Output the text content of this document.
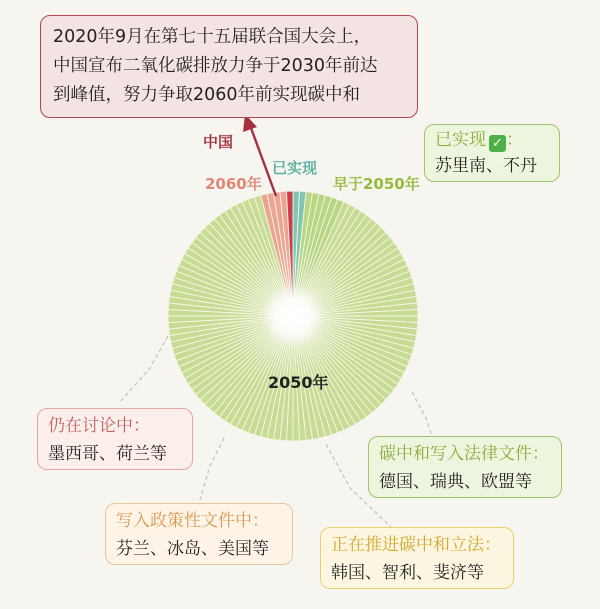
2020年9月在第七十五届联合国大会上，
中国宣布二氧化碳排放力争于2030年前达
到峰值，努力争取2060年前实现碳中和
中国
已实现
2060年	早于2050年
2050年
已实现 ✓ ：
苏里南、不丹
仍在讨论中：
墨西哥、荷兰等	碳中和写入法律文件：
德国、瑞典、欧盟等
写入政策性文件中：
芬兰、冰岛、美国等	正在推进碳中和立法：
韩国、智利、斐济等
